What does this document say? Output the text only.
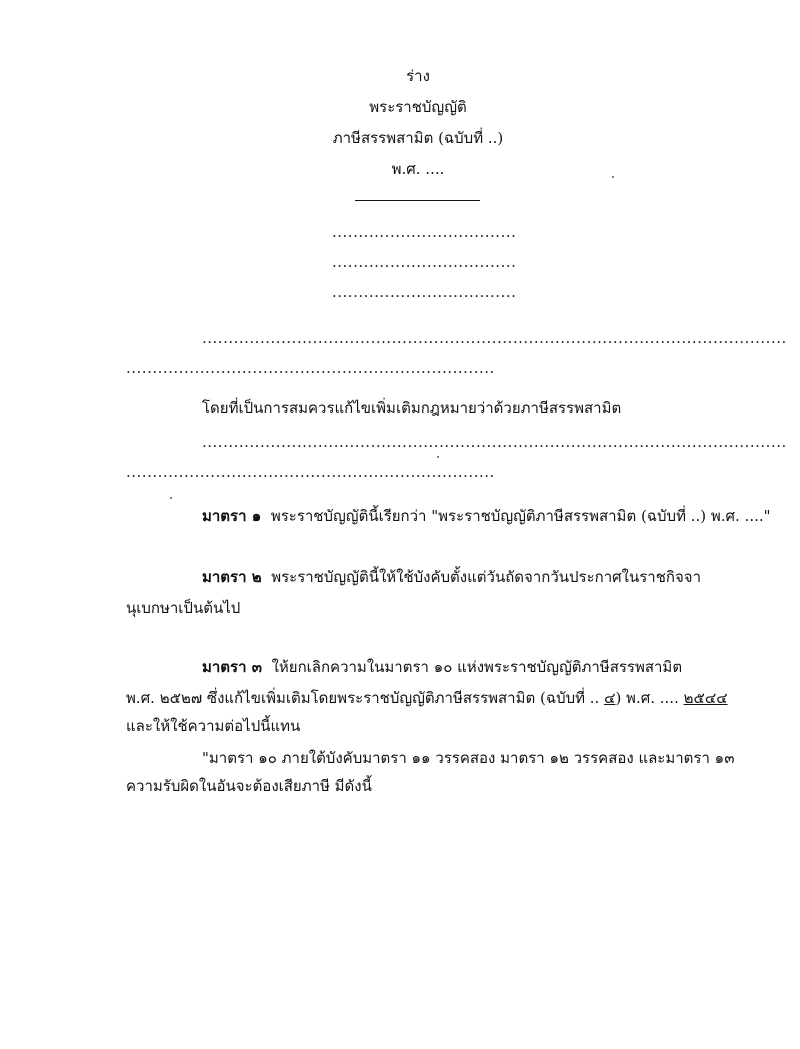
ร่าง
พระราชบัญญัติ
ภาษีสรรพสามิต (ฉบับที่ ..)
พ.ศ. ....
...................................
...................................
...................................
...............................................................................................................
......................................................................
โดยที่เป็นการสมควรแก้ไขเพิ่มเติมกฎหมายว่าด้วยภาษีสรรพสามิต
...............................................................................................................
......................................................................
มาตรา ๑ พระราชบัญญัตินี้เรียกว่า "พระราชบัญญัติภาษีสรรพสามิต (ฉบับที่ ..) พ.ศ. ...."
มาตรา ๒ พระราชบัญญัตินี้ให้ใช้บังคับตั้งแต่วันถัดจากวันประกาศในราชกิจจา
นุเบกษาเป็นต้นไป
มาตรา ๓ ให้ยกเลิกความในมาตรา ๑๐ แห่งพระราชบัญญัติภาษีสรรพสามิต
พ.ศ. ๒๕๒๗ ซึ่งแก้ไขเพิ่มเติมโดยพระราชบัญญัติภาษีสรรพสามิต (ฉบับที่ .. ๔) พ.ศ. .... ๒๕๔๔
และให้ใช้ความต่อไปนี้แทน
"มาตรา ๑๐ ภายใต้บังคับมาตรา ๑๑ วรรคสอง มาตรา ๑๒ วรรคสอง และมาตรา ๑๓
ความรับผิดในอันจะต้องเสียภาษี มีดังนี้
